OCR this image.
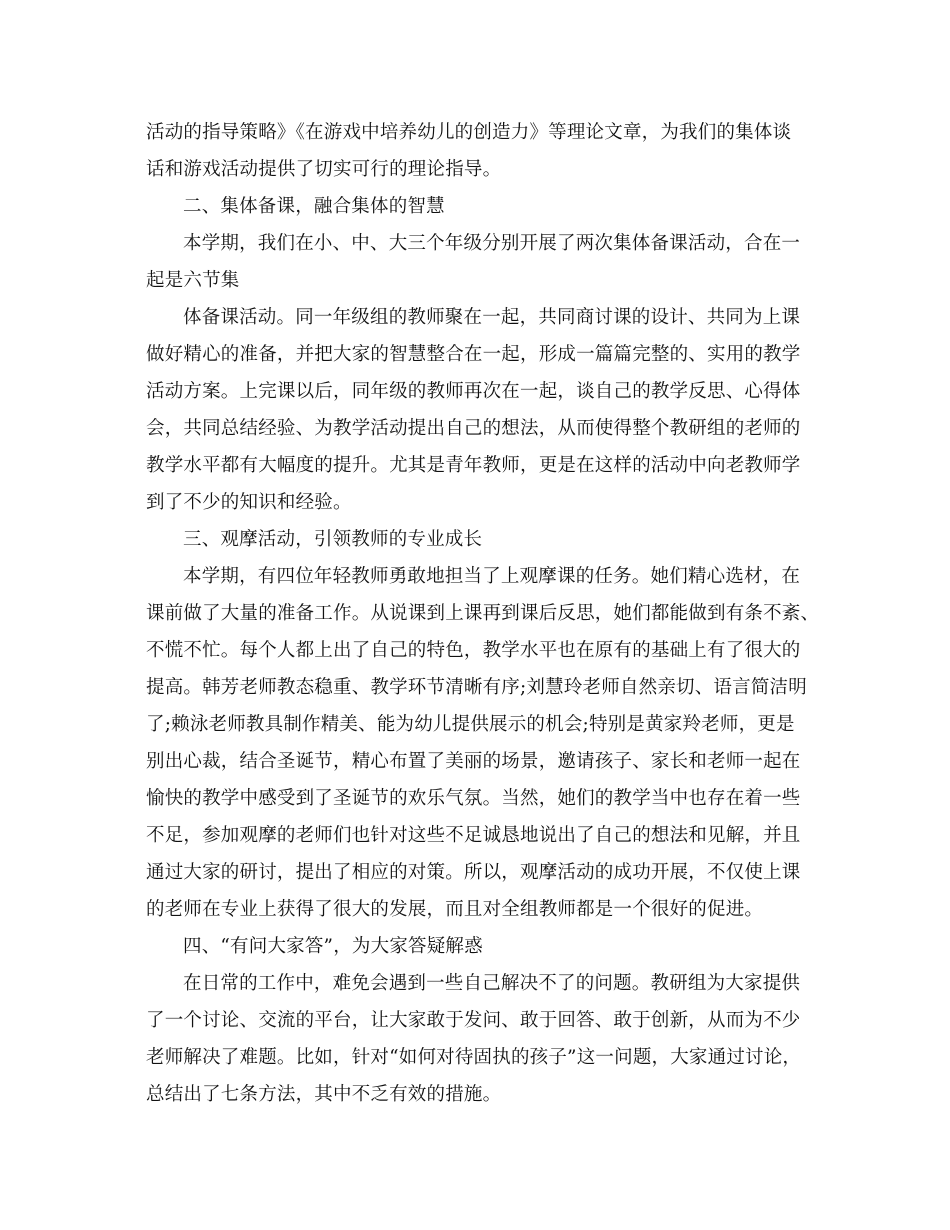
活动的指导策略》《在游戏中培养幼儿的创造力》等理论文章，为我们的集体谈
话和游戏活动提供了切实可行的理论指导。
二、集体备课，融合集体的智慧
本学期，我们在小、中、大三个年级分别开展了两次集体备课活动，合在一
起是六节集
体备课活动。同一年级组的教师聚在一起，共同商讨课的设计、共同为上课
做好精心的准备，并把大家的智慧整合在一起，形成一篇篇完整的、实用的教学
活动方案。上完课以后，同年级的教师再次在一起，谈自己的教学反思、心得体
会，共同总结经验、为教学活动提出自己的想法，从而使得整个教研组的老师的
教学水平都有大幅度的提升。尤其是青年教师，更是在这样的活动中向老教师学
到了不少的知识和经验。
三、观摩活动，引领教师的专业成长
本学期，有四位年轻教师勇敢地担当了上观摩课的任务。她们精心选材，在
课前做了大量的准备工作。从说课到上课再到课后反思，她们都能做到有条不紊、
不慌不忙。每个人都上出了自己的特色，教学水平也在原有的基础上有了很大的
提高。韩芳老师教态稳重、教学环节清晰有序;刘慧玲老师自然亲切、语言简洁明
了;赖泳老师教具制作精美、能为幼儿提供展示的机会;特别是黄家羚老师，更是
别出心裁，结合圣诞节，精心布置了美丽的场景，邀请孩子、家长和老师一起在
愉快的教学中感受到了圣诞节的欢乐气氛。当然，她们的教学当中也存在着一些
不足，参加观摩的老师们也针对这些不足诚恳地说出了自己的想法和见解，并且
通过大家的研讨，提出了相应的对策。所以，观摩活动的成功开展，不仅使上课
的老师在专业上获得了很大的发展，而且对全组教师都是一个很好的促进。
四、“有问大家答”，为大家答疑解惑
在日常的工作中，难免会遇到一些自己解决不了的问题。教研组为大家提供
了一个讨论、交流的平台，让大家敢于发问、敢于回答、敢于创新，从而为不少
老师解决了难题。比如，针对“如何对待固执的孩子”这一问题，大家通过讨论，
总结出了七条方法，其中不乏有效的措施。
